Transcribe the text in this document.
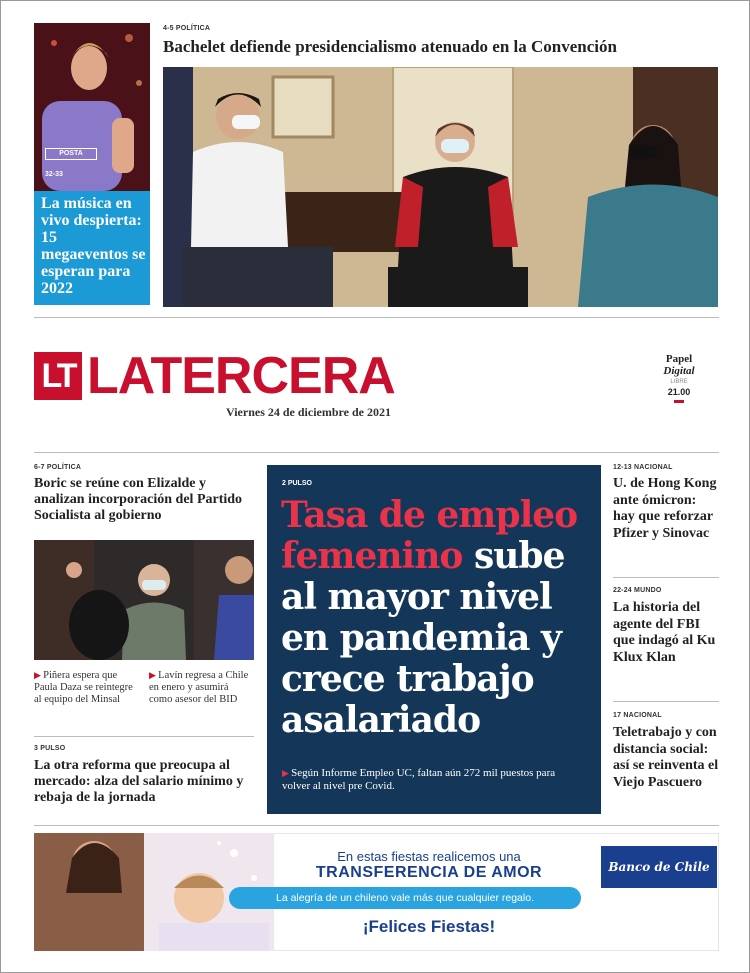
POSTA
32-33
La música en vivo despierta: 15 megaeventos se esperan para 2022
4-5 POLÍTICA
Bachelet defiende presidencialismo atenuado en la Convención
LT LATERCERA
Viernes 24 de diciembre de 2021
Papel
Digital
LIBRE
21.00
6-7 POLÍTICA
Boric se reúne con Elizalde y analizan incorporación del Partido Socialista al gobierno
▶ Piñera espera que Paula Daza se reintegre al equipo del Minsal
▶ Lavín regresa a Chile en enero y asumirá como asesor del BID
3 PULSO
La otra reforma que preocupa al mercado: alza del salario mínimo y rebaja de la jornada
2 PULSO
Tasa de empleo femenino sube al mayor nivel en pandemia y crece trabajo asalariado
▶ Según Informe Empleo UC, faltan aún 272 mil puestos para volver al nivel pre Covid.
12-13 NACIONAL
U. de Hong Kong ante ómicron: hay que reforzar Pfizer y Sinovac
22-24 MUNDO
La historia del agente del FBI que indagó al Ku Klux Klan
17 NACIONAL
Teletrabajo y con distancia social: así se reinventa el Viejo Pascuero
En estas fiestas realicemos una
TRANSFERENCIA DE AMOR
La alegría de un chileno vale más que cualquier regalo.
¡Felices Fiestas!
Banco de Chile
